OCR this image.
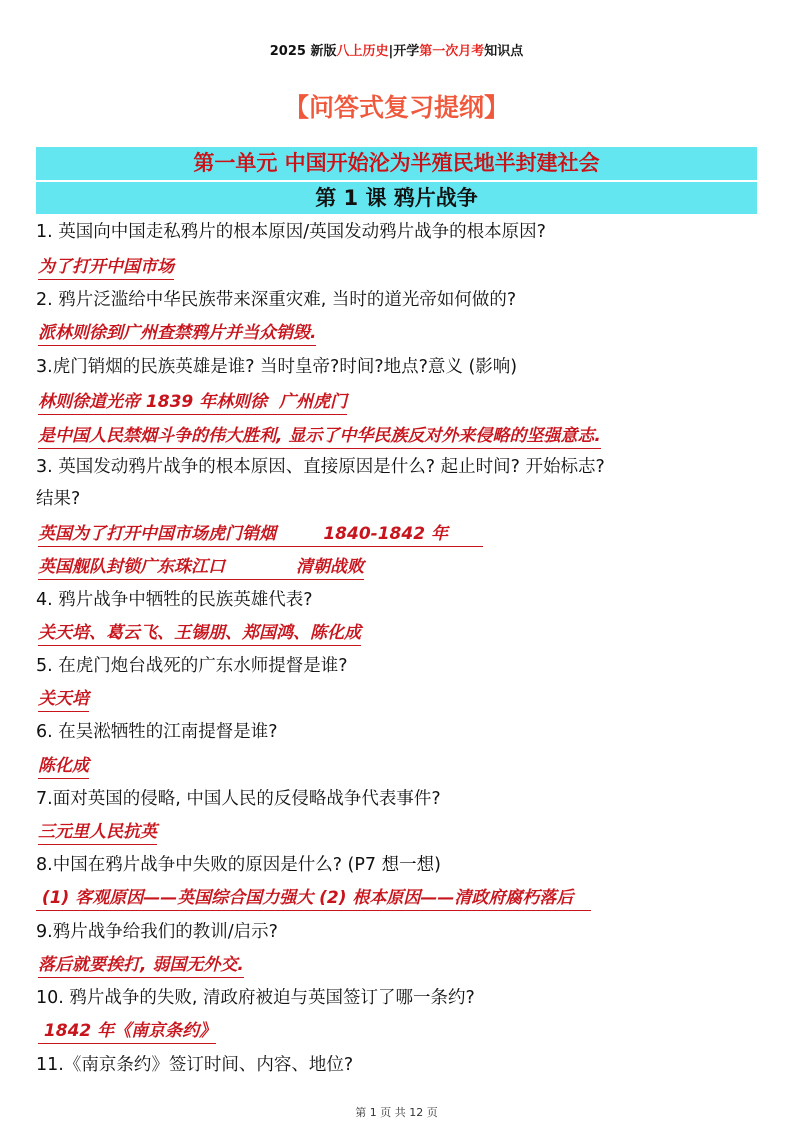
2025 新版八上历史|开学第一次月考知识点
【问答式复习提纲】
第一单元 中国开始沦为半殖民地半封建社会
第 1 课 鸦片战争
1. 英国向中国走私鸦片的根本原因/英国发动鸦片战争的根本原因?
为了打开中国市场
2. 鸦片泛滥给中华民族带来深重灾难, 当时的道光帝如何做的?
派林则徐到广州查禁鸦片并当众销毁.
3.虎门销烟的民族英雄是谁? 当时皇帝?时间?地点?意义 (影响)
林则徐道光帝 1839 年林则徐  广州虎门
是中国人民禁烟斗争的伟大胜利, 显示了中华民族反对外来侵略的坚强意志.
3. 英国发动鸦片战争的根本原因、直接原因是什么? 起止时间? 开始标志?
结果?
英国为了打开中国市场虎门销烟        1840-1842 年
英国舰队封锁广东珠江口            清朝战败
4. 鸦片战争中牺牲的民族英雄代表?
关天培、葛云飞、王锡朋、郑国鸿、陈化成
5. 在虎门炮台战死的广东水师提督是谁?
关天培
6. 在吴淞牺牲的江南提督是谁?
陈化成
7.面对英国的侵略, 中国人民的反侵略战争代表事件?
三元里人民抗英
8.中国在鸦片战争中失败的原因是什么? (P7 想一想)
(1) 客观原因——英国综合国力强大 (2) 根本原因——清政府腐朽落后
9.鸦片战争给我们的教训/启示?
落后就要挨打, 弱国无外交.
10. 鸦片战争的失败, 清政府被迫与英国签订了哪一条约?
1842 年《南京条约》
11.《南京条约》签订时间、内容、地位?
第 1 页 共 12 页
